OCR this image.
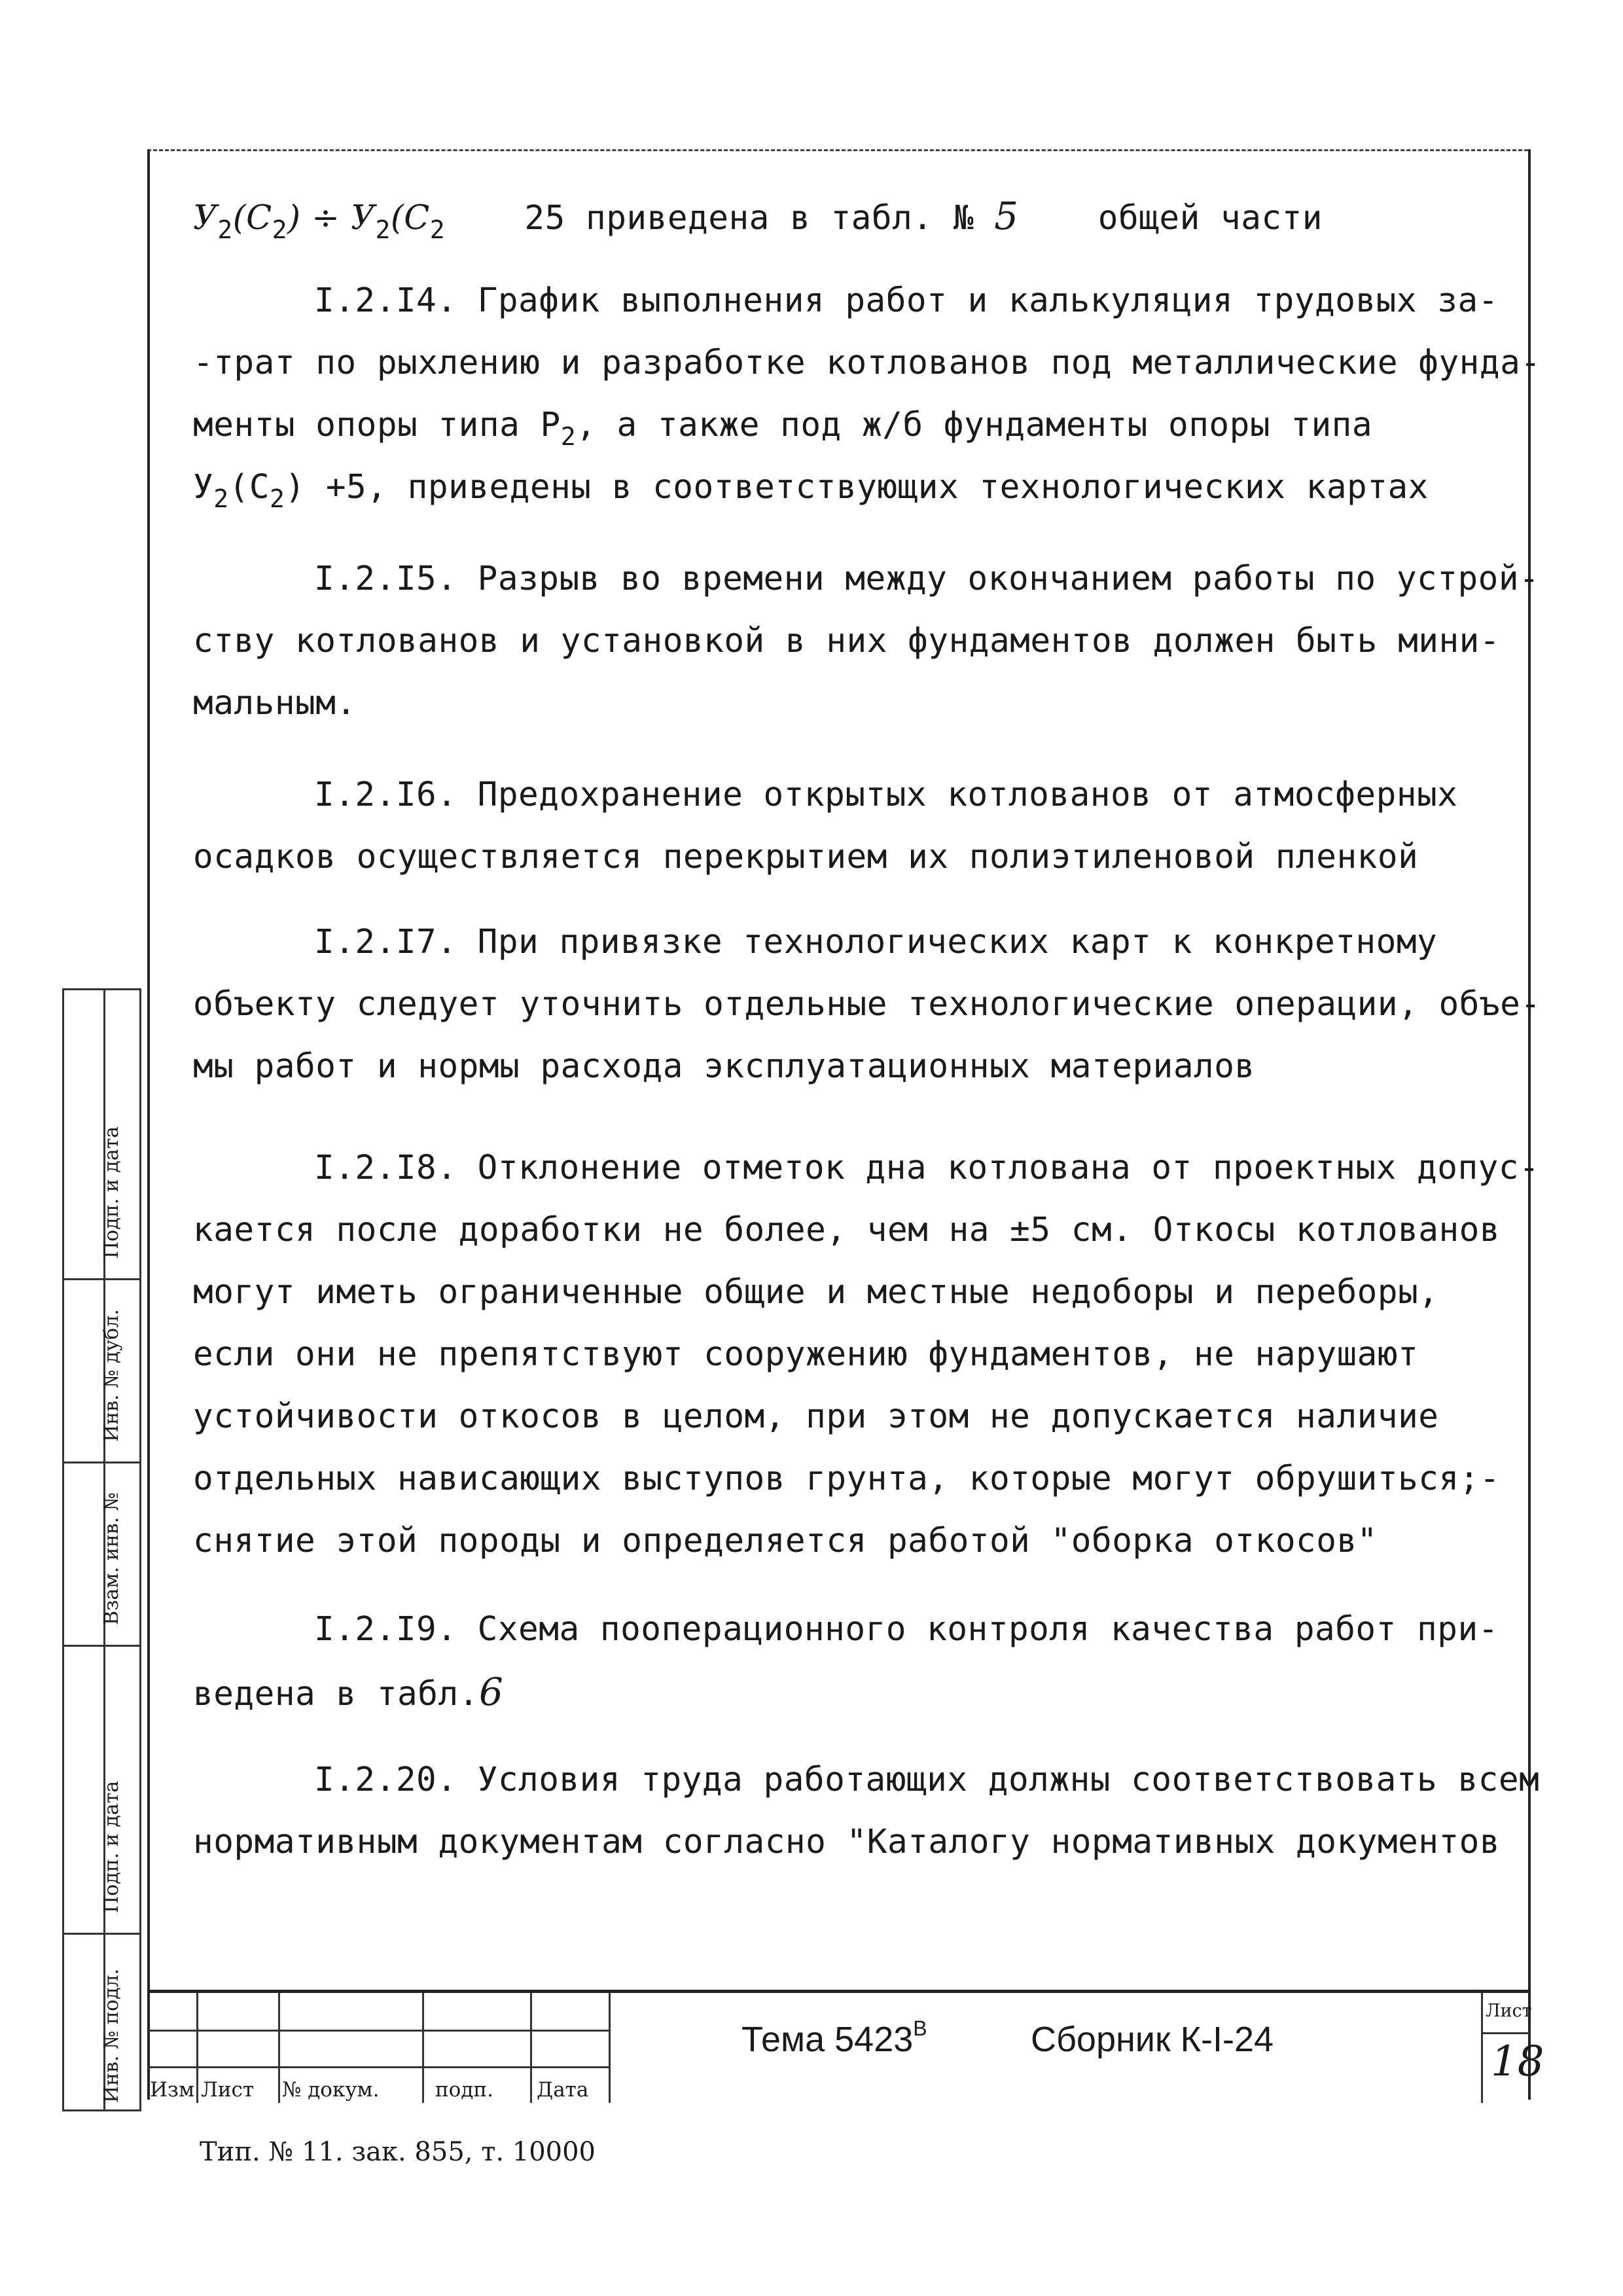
$У_2(С_2) \div У_2(С_2$ 25 приведена в табл. № 5 общей части
I.2.I4. График выполнения работ и калькуляция трудовых за-
-трат по рыхлению и разработке котлованов под металлические фунда-
менты опоры типа $Р_2$, а также под ж/б фундаменты опоры типа
$У_2(С_2) +5$, приведены в соответствующих технологических картах
I.2.I5. Разрыв во времени между окончанием работы по устрой-
ству котлованов и установкой в них фундаментов должен быть мини-
мальным.
I.2.I6. Предохранение открытых котлованов от атмосферных
осадков осуществляется перекрытием их полиэтиленовой пленкой
I.2.I7. При привязке технологических карт к конкретному
объекту следует уточнить отдельные технологические операции, объе-
мы работ и нормы расхода эксплуатационных материалов
I.2.I8. Отклонение отметок дна котлована от проектных допус-
кается после доработки не более, чем на ±5 см. Откосы котлованов
могут иметь ограниченные общие и местные недоборы и переборы,
если они не препятствуют сооружению фундаментов, не нарушают
устойчивости откосов в целом, при этом не допускается наличие
отдельных нависающих выступов грунта, которые могут обрушиться;-
снятие этой породы и определяется работой "оборка откосов"
I.2.I9. Схема пооперационного контроля качества работ при-
ведена в табл.6
I.2.20. Условия труда работающих должны соответствовать всем
нормативным документам согласно "Каталогу нормативных документов
Подп. и дата
Инв. № дубл.
Взам. инв. №
Подп. и дата
Инв. № подл. Изм Лист № докум.	подп. Дата
Тема $5423^В$	Сборник К-I-24
Лист
18
Тип. № 11. зак. 855, т. 10000
